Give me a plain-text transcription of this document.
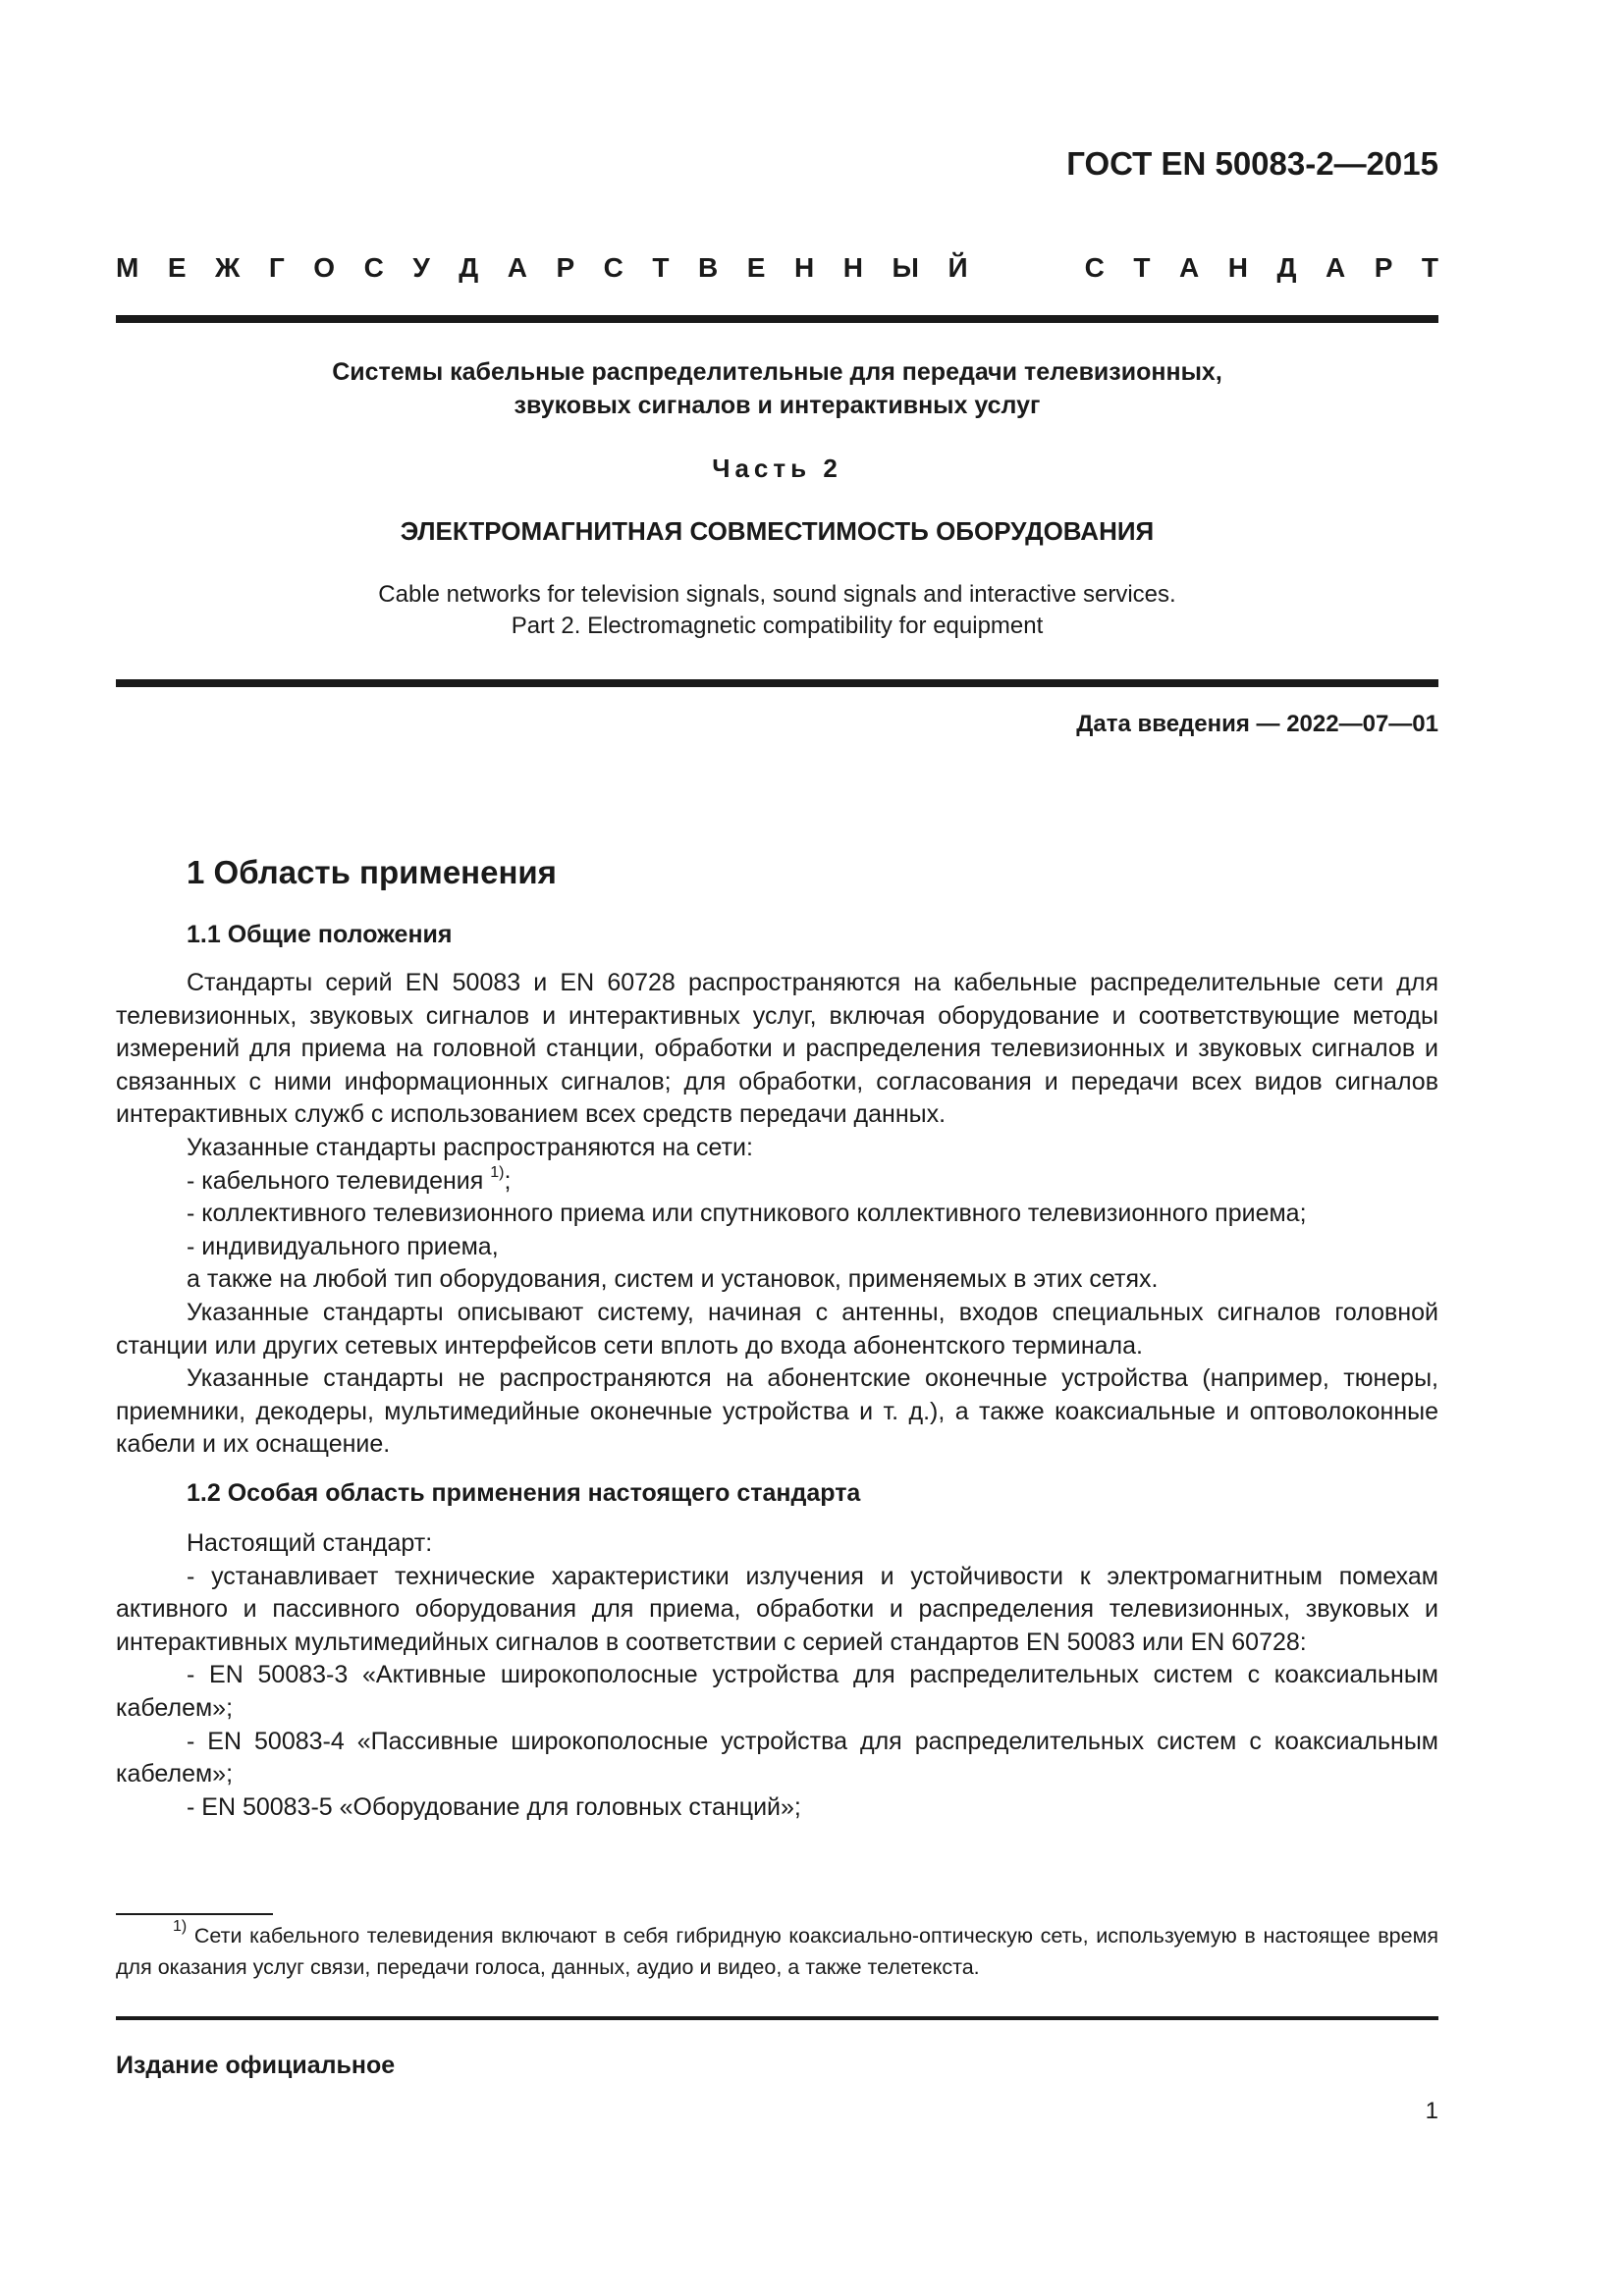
ГОСТ EN 50083-2—2015
М Е Ж Г О С У Д А Р С Т В Е Н Н Ы Й	С Т А Н Д А Р Т
Системы кабельные распределительные для передачи телевизионных,
звуковых сигналов и интерактивных услуг
Часть 2
ЭЛЕКТРОМАГНИТНАЯ СОВМЕСТИМОСТЬ ОБОРУДОВАНИЯ
Cable networks for television signals, sound signals and interactive services.
Part 2. Electromagnetic compatibility for equipment
Дата введения — 2022—07—01
1 Область применения
1.1 Общие положения

Стандарты серий EN 50083 и EN 60728 распространяются на кабельные распределительные сети для телевизионных, звуковых сигналов и интерактивных услуг, включая оборудование и соответствующие методы измерений для приема на головной станции, обработки и распределения телевизионных и звуковых сигналов и связанных с ними информационных сигналов; для обработки, согласования и передачи всех видов сигналов интерактивных служб с использованием всех средств передачи данных.

Указанные стандарты распространяются на сети:

- кабельного телевидения $^{1)}$;

- коллективного телевизионного приема или спутникового коллективного телевизионного приема;

- индивидуального приема,

а также на любой тип оборудования, систем и установок, применяемых в этих сетях.

Указанные стандарты описывают систему, начиная с антенны, входов специальных сигналов головной станции или других сетевых интерфейсов сети вплоть до входа абонентского терминала.

Указанные стандарты не распространяются на абонентские оконечные устройства (например, тюнеры, приемники, декодеры, мультимедийные оконечные устройства и т. д.), а также коаксиальные и оптоволоконные кабели и их оснащение.

1.2 Особая область применения настоящего стандарта

Настоящий стандарт:

- устанавливает технические характеристики излучения и устойчивости к электромагнитным помехам активного и пассивного оборудования для приема, обработки и распределения телевизионных, звуковых и интерактивных мультимедийных сигналов в соответствии с серией стандартов EN 50083 или EN 60728:

- EN 50083-3 «Активные широкополосные устройства для распределительных систем с коаксиальным кабелем»;

- EN 50083-4 «Пассивные широкополосные устройства для распределительных систем с коаксиальным кабелем»;

- EN 50083-5 «Оборудование для головных станций»;

$^{1)}$ Сети кабельного телевидения включают в себя гибридную коаксиально-оптическую сеть, используемую в настоящее время для оказания услуг связи, передачи голоса, данных, аудио и видео, а также телетекста.

Издание официальное
1
